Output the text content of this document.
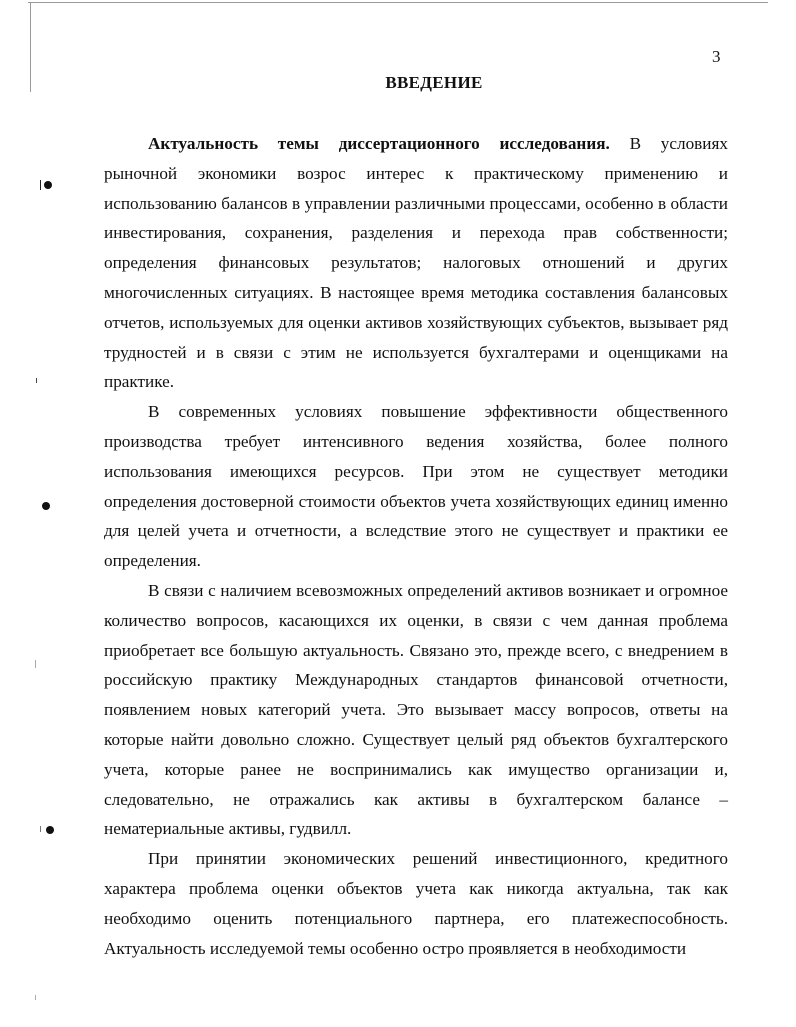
3
ВВЕДЕНИЕ

Актуальность темы диссертационного исследования. В условиях рыночной экономики возрос интерес к практическому применению и использованию балансов в управлении различными процессами, особенно в области инвестирования, сохранения, разделения и перехода прав собственности; определения финансовых результатов; налоговых отношений и других многочисленных ситуациях. В настоящее время методика составления балансовых отчетов, используемых для оценки активов хозяйствующих субъектов, вызывает ряд трудностей и в связи с этим не используется бухгалтерами и оценщиками на практике.

В современных условиях повышение эффективности общественного производства требует интенсивного ведения хозяйства, более полного использования имеющихся ресурсов. При этом не существует методики определения достоверной стоимости объектов учета хозяйствующих единиц именно для целей учета и отчетности, а вследствие этого не существует и практики ее определения.

В связи с наличием всевозможных определений активов возникает и огромное количество вопросов, касающихся их оценки, в связи с чем данная проблема приобретает все большую актуальность. Связано это, прежде всего, с внедрением в российскую практику Международных стандартов финансовой отчетности, появлением новых категорий учета. Это вызывает массу вопросов, ответы на которые найти довольно сложно. Существует целый ряд объектов бухгалтерского учета, которые ранее не воспринимались как имущество организации и, следовательно, не отражались как активы в бухгалтерском балансе – нематериальные активы, гудвилл.

При принятии экономических решений инвестиционного, кредитного характера проблема оценки объектов учета как никогда актуальна, так как необходимо оценить потенциального партнера, его платежеспособность. Актуальность исследуемой темы особенно остро проявляется в необходимости
